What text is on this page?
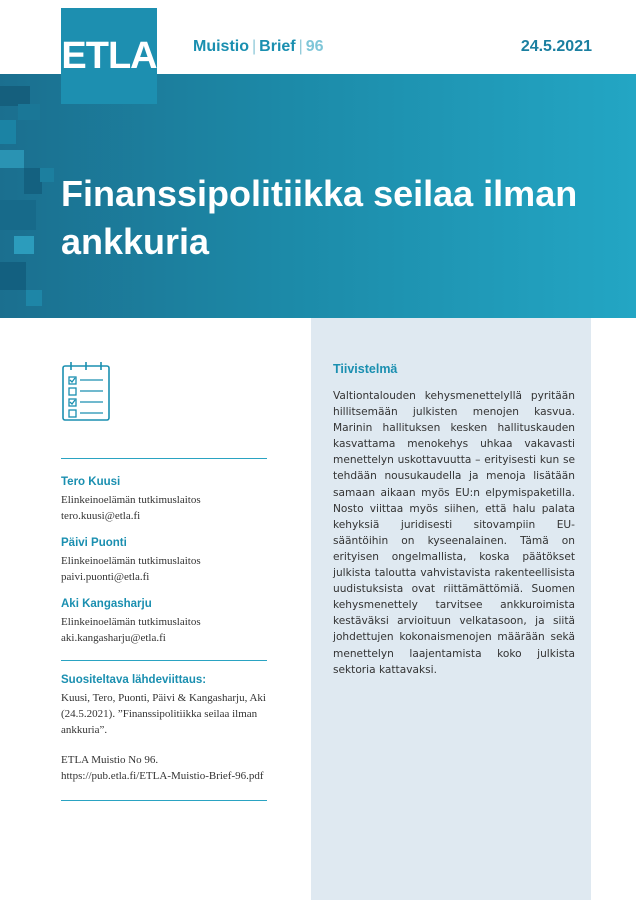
ETLA Muistio | Brief | 96	24.5.2021
Finanssipolitiikka seilaa ilman ankkuria
Tero Kuusi
Elinkeinoelämän tutkimuslaitos
tero.kuusi@etla.fi
Päivi Puonti
Elinkeinoelämän tutkimuslaitos
paivi.puonti@etla.fi
Aki Kangasharju
Elinkeinoelämän tutkimuslaitos
aki.kangasharju@etla.fi
Suositeltava lähdeviittaus:
Kuusi, Tero, Puonti, Päivi & Kangasharju, Aki (24.5.2021). ”Finanssipolitiikka seilaa ilman ankkuria”.
ETLA Muistio No 96.
https://pub.etla.fi/ETLA-Muistio-Brief-96.pdf
Tiivistelmä

Valtiontalouden kehysmenettelyllä pyritään hillitsemään julkisten menojen kasvua. Marinin hallituksen kesken hallituskauden kasvattama menokehys uhkaa vakavasti menettelyn uskottavuutta – erityisesti kun se tehdään nousukaudella ja menoja lisätään samaan aikaan myös EU:n elpymispaketilla. Nosto viittaa myös siihen, että halu palata kehyksiä juridisesti sitovampiin EU-sääntöihin on kyseenalainen. Tämä on erityisen ongelmallista, koska päätökset julkista taloutta vahvistavista rakenteellisista uudistuksista ovat riittämättömiä. Suomen kehysmenettely tarvitsee ankkuroimista kestäväksi arvioituun velkatasoon, ja siitä johdettujen kokonaismenojen määrään sekä menettelyn laajentamista koko julkista sektoria kattavaksi.
